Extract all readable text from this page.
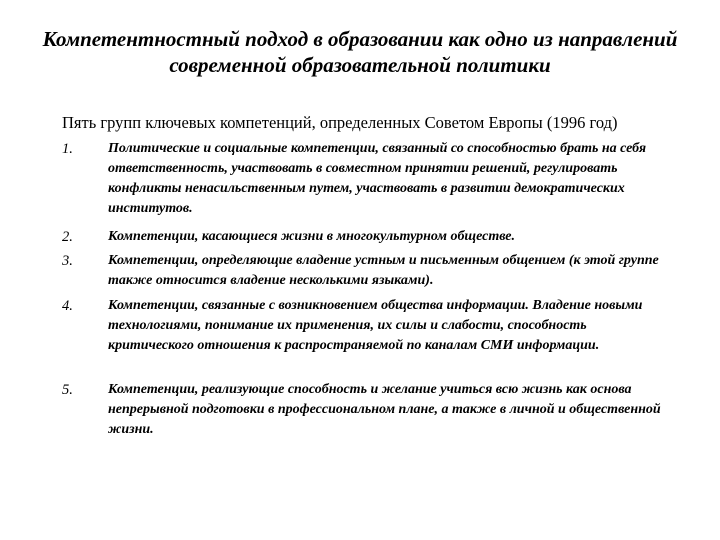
Компетентностный подход в образовании как одно из направлений современной образовательной политики
Пять групп ключевых компетенций, определенных Советом Европы (1996 год)
1.	Политические и социальные компетенции, связанный со способностью брать на себя ответственность, участвовать в совместном принятии решений, регулировать конфликты ненасильственным путем, участвовать в развитии демократических институтов.
2.	Компетенции, касающиеся жизни в многокультурном обществе.
3.	Компетенции, определяющие владение устным и письменным общением (к этой группе также относится владение несколькими языками).
4.	Компетенции, связанные с возникновением общества информации. Владение новыми технологиями, понимание их применения, их силы и слабости, способность критического отношения к распространяемой по каналам СМИ информации.
5.	Компетенции, реализующие способность и желание учиться всю жизнь как основа непрерывной подготовки в профессиональном плане, а также в личной и общественной жизни.
